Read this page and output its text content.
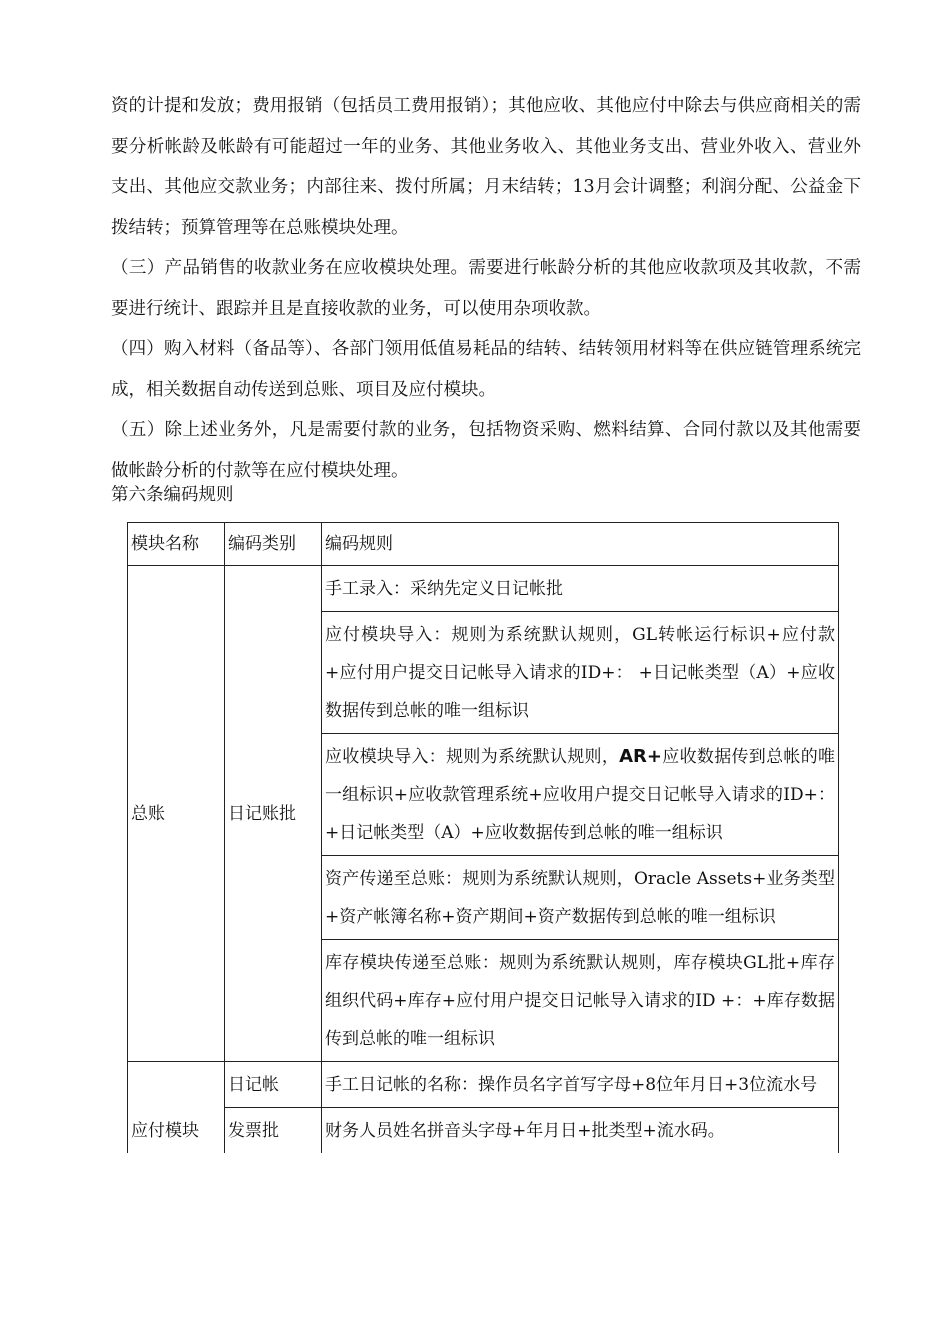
资的计提和发放；费用报销（包括员工费用报销）；其他应收、其他应付中除去与供应商相关的需要分析帐龄及帐龄有可能超过一年的业务、其他业务收入、其他业务支出、营业外收入、营业外支出、其他应交款业务；内部往来、拨付所属；月末结转；13月会计调整；利润分配、公益金下拨结转；预算管理等在总账模块处理。

（三）产品销售的收款业务在应收模块处理。需要进行帐龄分析的其他应收款项及其收款，不需要进行统计、跟踪并且是直接收款的业务，可以使用杂项收款。

（四）购入材料（备品等）、各部门领用低值易耗品的结转、结转领用材料等在供应链管理系统完成，相关数据自动传送到总账、项目及应付模块。

（五）除上述业务外，凡是需要付款的业务，包括物资采购、燃料结算、合同付款以及其他需要做帐龄分析的付款等在应付模块处理。

第六条编码规则
模块名称	编码类别	编码规则
总账	日记账批	手工录入：采纳先定义日记帐批
		应付模块导入：规则为系统默认规则，GL转帐运行标识+应付款+应付用户提交日记帐导入请求的ID+： +日记帐类型（A）+应收数据传到总帐的唯一组标识
		应收模块导入：规则为系统默认规则，AR+应收数据传到总帐的唯一组标识+应收款管理系统+应收用户提交日记帐导入请求的ID+： +日记帐类型（A）+应收数据传到总帐的唯一组标识
		资产传递至总账：规则为系统默认规则，Oracle Assets+业务类型+资产帐簿名称+资产期间+资产数据传到总帐的唯一组标识
		库存模块传递至总账：规则为系统默认规则，库存模块GL批+库存组织代码+库存+应付用户提交日记帐导入请求的ID +：+库存数据传到总帐的唯一组标识
	日记帐	手工日记帐的名称：操作员名字首写字母+8位年月日+3位流水号
应付模块	发票批	财务人员姓名拼音头字母+年月日+批类型+流水码。
